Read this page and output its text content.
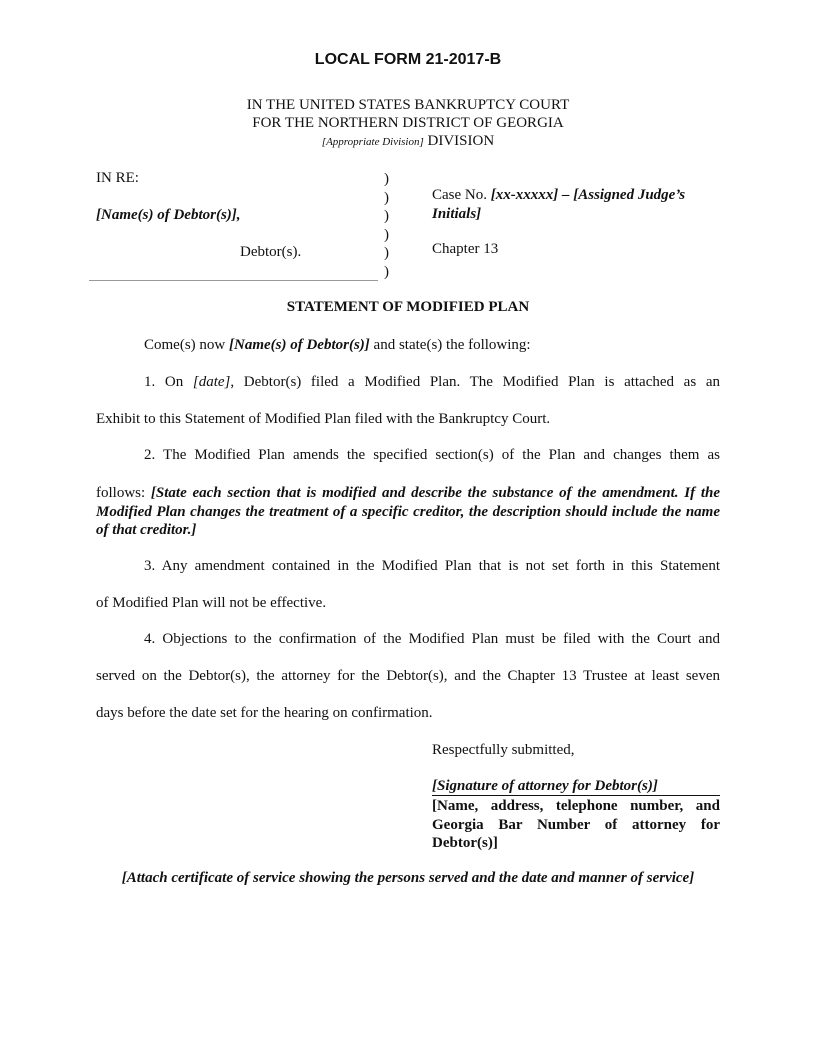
LOCAL FORM 21-2017-B
IN THE UNITED STATES BANKRUPTCY COURT
FOR THE NORTHERN DISTRICT OF GEORGIA
[Appropriate Division] DIVISION
IN RE:
[Name(s) of Debtor(s)],
Debtor(s).
)
)
)
)
)
)
Case No. [xx-xxxxx] – [Assigned Judge’s
Initials]
Chapter 13
STATEMENT OF MODIFIED PLAN
Come(s) now [Name(s) of Debtor(s)] and state(s) the following:
1. On [date], Debtor(s) filed a Modified Plan. The Modified Plan is attached as an
Exhibit to this Statement of Modified Plan filed with the Bankruptcy Court.
2. The Modified Plan amends the specified section(s) of the Plan and changes them as
follows: [State each section that is modified and describe the substance of the amendment. If the Modified Plan changes the treatment of a specific creditor, the description should include the name of that creditor.]
3. Any amendment contained in the Modified Plan that is not set forth in this Statement
of Modified Plan will not be effective.
4. Objections to the confirmation of the Modified Plan must be filed with the Court and
served on the Debtor(s), the attorney for the Debtor(s), and the Chapter 13 Trustee at least seven
days before the date set for the hearing on confirmation.
Respectfully submitted,
[Signature of attorney for Debtor(s)]
[Name, address, telephone number, and Georgia Bar Number of attorney for Debtor(s)]
[Attach certificate of service showing the persons served and the date and manner of service]
